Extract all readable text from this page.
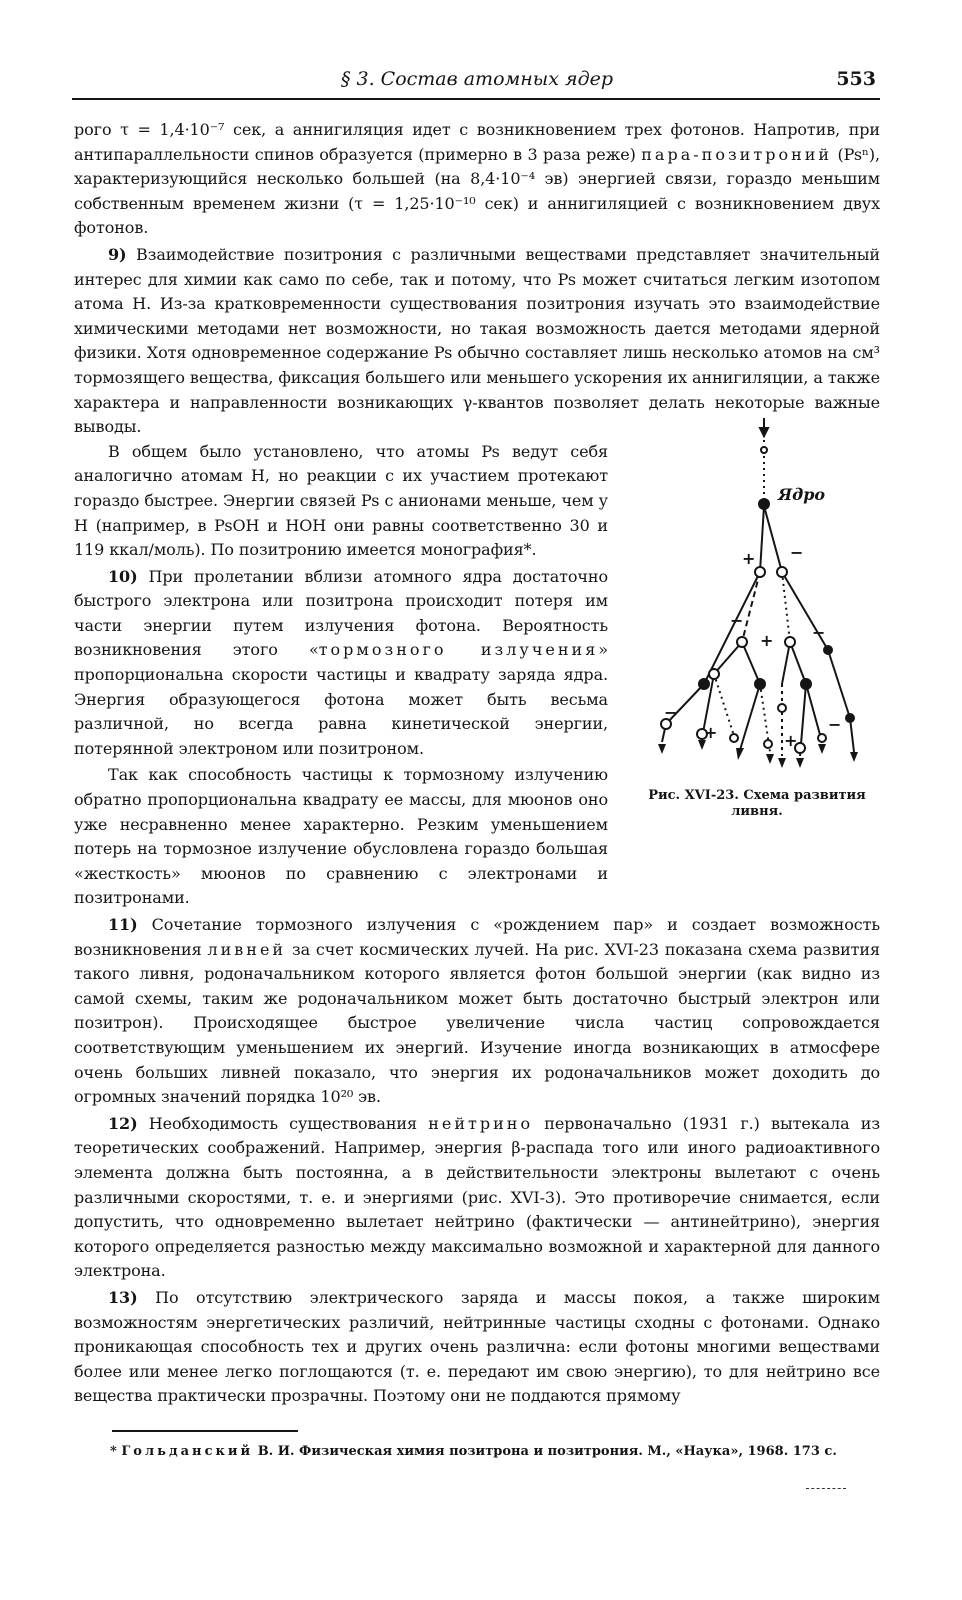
§ 3. Состав атомных ядер	553

рого τ = 1,4·10⁻⁷ сек, а аннигиляция идет с возникновением трех фотонов. Напротив, при антипараллельности спинов образуется (примерно в 3 раза реже) пара-позитроний (Psⁿ), характеризующийся несколько большей (на 8,4·10⁻⁴ эв) энергией связи, гораздо меньшим собственным временем жизни (τ = 1,25·10⁻¹⁰ сек) и аннигиляцией с возникновением двух фотонов.

9) Взаимодействие позитрония с различными веществами представляет значительный интерес для химии как само по себе, так и потому, что Ps может считаться легким изотопом атома Н. Из-за кратковременности существования позитрония изучать это взаимодействие химическими методами нет возможности, но такая возможность дается методами ядерной физики. Хотя одновременное содержание Ps обычно составляет лишь несколько атомов на см³ тормозящего вещества, фиксация большего или меньшего ускорения их аннигиляции, а также характера и направленности возникающих γ-квантов позволяет делать некоторые важные выводы.

В общем было установлено, что атомы Ps ведут себя аналогично атомам Н, но реакции с их участием протекают гораздо быстрее. Энергии связей Ps с анионами меньше, чем у Н (например, в PsOH и НОН они равны соответственно 30 и 119 ккал/моль). По позитронию имеется монография*.

10) При пролетании вблизи атомного ядра достаточно быстрого электрона или позитрона происходит потеря им части энергии путем излучения фотона. Вероятность возникновения этого «тормозного излучения» пропорциональна скорости частицы и квадрату заряда ядра. Энергия образующегося фотона может быть весьма различной, но всегда равна кинетической энергии, потерянной электроном или позитроном.

Так как способность частицы к тормозному излучению обратно пропорциональна квадрату ее массы, для мюонов оно уже несравненно менее характерно. Резким уменьшением потерь на тормозное излучение обусловлена гораздо большая «жесткость» мюонов по сравнению с электронами и позитронами.

11) Сочетание тормозного излучения с «рождением пар» и создает возможность возникновения ливней за счет космических лучей. На рис. XVI-23 показана схема развития такого ливня, родоначальником которого является фотон большой энергии (как видно из самой схемы, таким же родоначальником может быть достаточно быстрый электрон или позитрон). Происходящее быстрое увеличение числа частиц сопровождается соответствующим уменьшением их энергий. Изучение иногда возникающих в атмосфере очень больших ливней показало, что энергия их родоначальников может доходить до огромных значений порядка 10²⁰ эв.

12) Необходимость существования нейтрино первоначально (1931 г.) вытекала из теоретических соображений. Например, энергия β-распада того или иного радиоактивного элемента должна быть постоянна, а в действительности электроны вылетают с очень различными скоростями, т. е. и энергиями (рис. XVI-3). Это противоречие снимается, если допустить, что одновременно вылетает нейтрино (фактически — антинейтрино), энергия которого определяется разностью между максимально возможной и характерной для данного электрона.

13) По отсутствию электрического заряда и массы покоя, а также широким возможностям энергетических различий, нейтринные частицы сходны с фотонами. Однако проникающая способность тех и других очень различна: если фотоны многими веществами более или менее легко поглощаются (т. е. передают им свою энергию), то для нейтрино все вещества практически прозрачны. Поэтому они не поддаются прямому

+ −
−
+ −
+	+
−
−
Ядро
Рис. XVI-23. Схема развития ливня.
* Гольданский В. И. Физическая химия позитрона и позитрония. М., «Наука», 1968. 173 с.
